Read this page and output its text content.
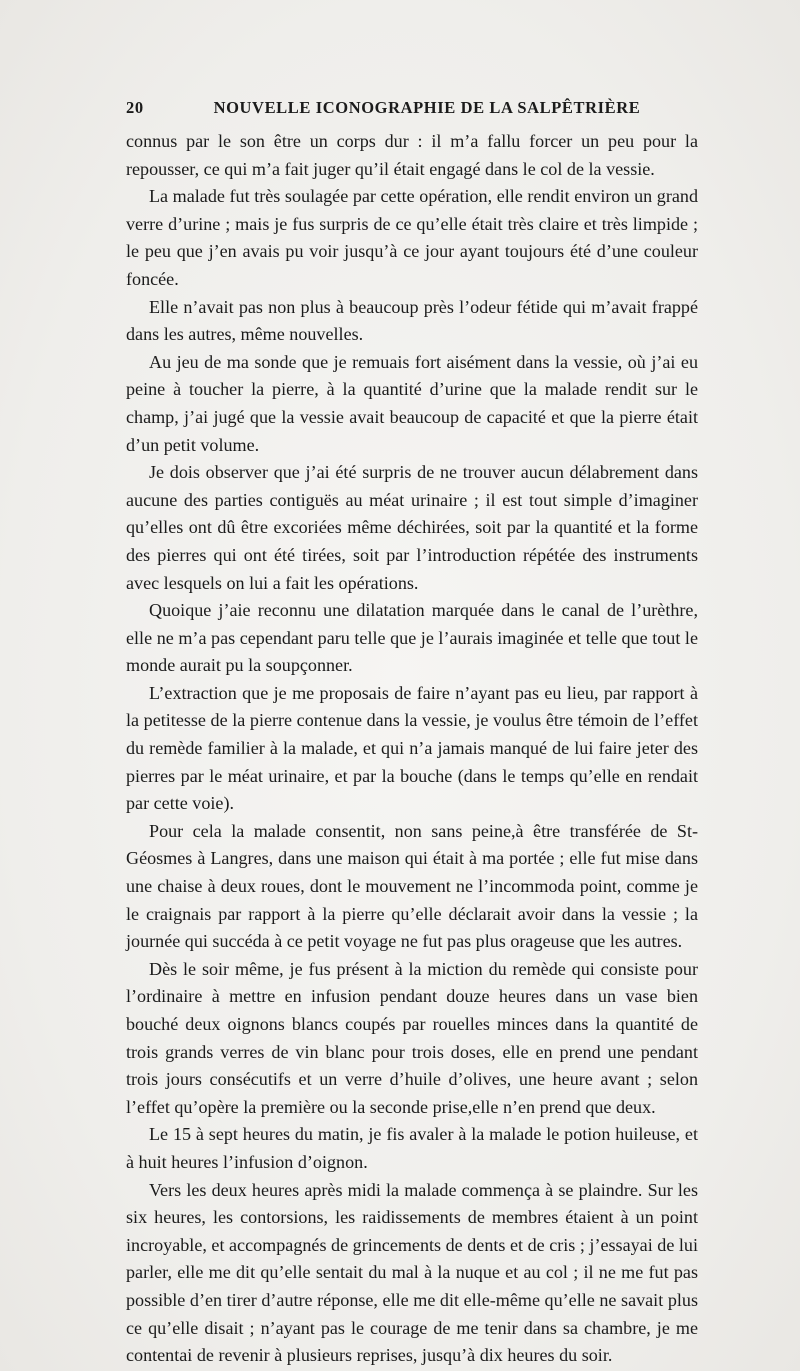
20	NOUVELLE ICONOGRAPHIE DE LA SALPÊTRIÈRE

connus par le son être un corps dur : il m’a fallu forcer un peu pour la repousser, ce qui m’a fait juger qu’il était engagé dans le col de la vessie.

La malade fut très soulagée par cette opération, elle rendit environ un grand verre d’urine ; mais je fus surpris de ce qu’elle était très claire et très limpide ; le peu que j’en avais pu voir jusqu’à ce jour ayant toujours été d’une couleur foncée.

Elle n’avait pas non plus à beaucoup près l’odeur fétide qui m’avait frappé dans les autres, même nouvelles.

Au jeu de ma sonde que je remuais fort aisément dans la vessie, où j’ai eu peine à toucher la pierre, à la quantité d’urine que la malade rendit sur le champ, j’ai jugé que la vessie avait beaucoup de capacité et que la pierre était d’un petit volume.

Je dois observer que j’ai été surpris de ne trouver aucun délabrement dans aucune des parties contiguës au méat urinaire ; il est tout simple d’imaginer qu’elles ont dû être excoriées même déchirées, soit par la quantité et la forme des pierres qui ont été tirées, soit par l’introduction répétée des instruments avec lesquels on lui a fait les opérations.

Quoique j’aie reconnu une dilatation marquée dans le canal de l’urèthre, elle ne m’a pas cependant paru telle que je l’aurais imaginée et telle que tout le monde aurait pu la soupçonner.

L’extraction que je me proposais de faire n’ayant pas eu lieu, par rapport à la petitesse de la pierre contenue dans la vessie, je voulus être témoin de l’effet du remède familier à la malade, et qui n’a jamais manqué de lui faire jeter des pierres par le méat urinaire, et par la bouche (dans le temps qu’elle en rendait par cette voie).

Pour cela la malade consentit, non sans peine,à être transférée de St-Géosmes à Langres, dans une maison qui était à ma portée ; elle fut mise dans une chaise à deux roues, dont le mouvement ne l’incommoda point, comme je le craignais par rapport à la pierre qu’elle déclarait avoir dans la vessie ; la journée qui succéda à ce petit voyage ne fut pas plus orageuse que les autres.

Dès le soir même, je fus présent à la miction du remède qui consiste pour l’ordinaire à mettre en infusion pendant douze heures dans un vase bien bouché deux oignons blancs coupés par rouelles minces dans la quantité de trois grands verres de vin blanc pour trois doses, elle en prend une pendant trois jours consécutifs et un verre d’huile d’olives, une heure avant ; selon l’effet qu’opère la première ou la seconde prise,elle n’en prend que deux.

Le 15 à sept heures du matin, je fis avaler à la malade le potion huileuse, et à huit heures l’infusion d’oignon.

Vers les deux heures après midi la malade commença à se plaindre. Sur les six heures, les contorsions, les raidissements de membres étaient à un point incroyable, et accompagnés de grincements de dents et de cris ; j’essayai de lui parler, elle me dit qu’elle sentait du mal à la nuque et au col ; il ne me fut pas possible d’en tirer d’autre réponse, elle me dit elle-même qu’elle ne savait plus ce qu’elle disait ; n’ayant pas le courage de me tenir dans sa chambre, je me contentai de revenir à plusieurs reprises, jusqu’à dix heures du soir.
